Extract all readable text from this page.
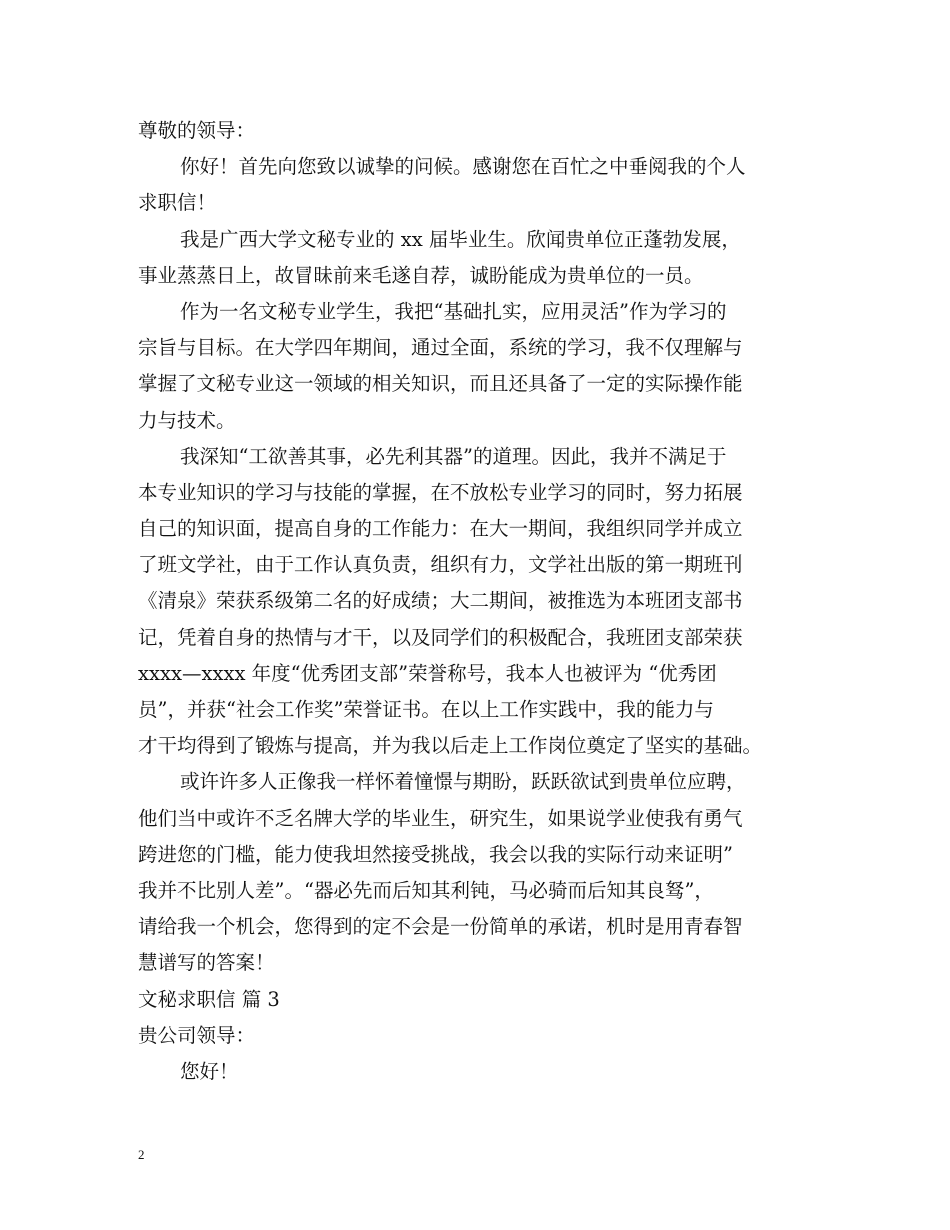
尊敬的领导：
你好！首先向您致以诚挚的问候。感谢您在百忙之中垂阅我的个人
求职信！
我是广西大学文秘专业的 xx 届毕业生。欣闻贵单位正蓬勃发展，
事业蒸蒸日上，故冒昧前来毛遂自荐，诚盼能成为贵单位的一员。
作为一名文秘专业学生，我把“基础扎实，应用灵活”作为学习的
宗旨与目标。在大学四年期间，通过全面，系统的学习，我不仅理解与
掌握了文秘专业这一领域的相关知识，而且还具备了一定的实际操作能
力与技术。
我深知“工欲善其事，必先利其器”的道理。因此，我并不满足于
本专业知识的学习与技能的掌握，在不放松专业学习的同时，努力拓展
自己的知识面，提高自身的工作能力：在大一期间，我组织同学并成立
了班文学社，由于工作认真负责，组织有力，文学社出版的第一期班刊
《清泉》荣获系级第二名的好成绩；大二期间，被推选为本班团支部书
记，凭着自身的热情与才干，以及同学们的积极配合，我班团支部荣获
xxxx—xxxx 年度“优秀团支部”荣誉称号，我本人也被评为 “优秀团
员”，并获“社会工作奖”荣誉证书。在以上工作实践中，我的能力与
才干均得到了锻炼与提高，并为我以后走上工作岗位奠定了坚实的基础。
或许许多人正像我一样怀着憧憬与期盼，跃跃欲试到贵单位应聘，
他们当中或许不乏名牌大学的毕业生，研究生，如果说学业使我有勇气
跨进您的门槛，能力使我坦然接受挑战，我会以我的实际行动来证明”
我并不比别人差”。“器必先而后知其利钝，马必骑而后知其良驽”，
请给我一个机会，您得到的定不会是一份简单的承诺，机时是用青春智
慧谱写的答案！
文秘求职信 篇 3
贵公司领导：
您好！
2
